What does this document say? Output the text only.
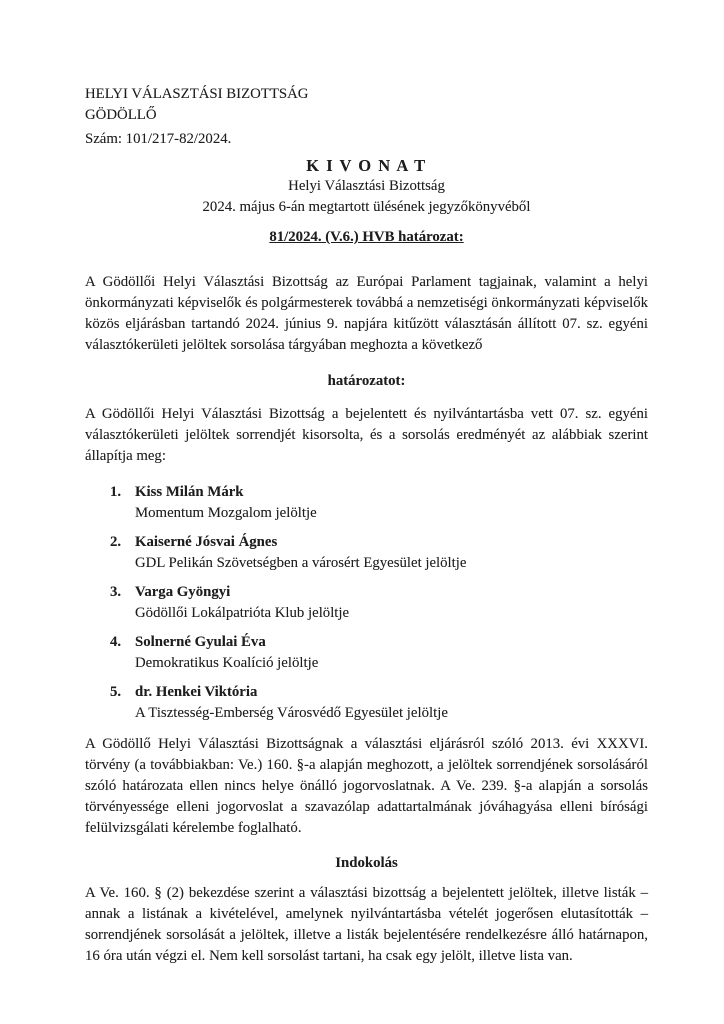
HELYI VÁLASZTÁSI BIZOTTSÁG
GÖDÖLLŐ
Szám: 101/217-82/2024.
K I V O N A T
Helyi Választási Bizottság
2024. május 6-án megtartott ülésének jegyzőkönyvéből
81/2024. (V.6.) HVB határozat:

A Gödöllői Helyi Választási Bizottság az Európai Parlament tagjainak, valamint a helyi önkormányzati képviselők és polgármesterek továbbá a nemzetiségi önkormányzati képviselők közös eljárásban tartandó 2024. június 9. napjára kitűzött választásán állított 07. sz. egyéni választókerületi jelöltek sorsolása tárgyában meghozta a következő

határozatot:

A Gödöllői Helyi Választási Bizottság a bejelentett és nyilvántartásba vett 07. sz. egyéni választókerületi jelöltek sorrendjét kisorsolta, és a sorsolás eredményét az alábbiak szerint állapítja meg:

1. Kiss Milán Márk
Momentum Mozgalom jelöltje
2. Kaiserné Jósvai Ágnes
GDL Pelikán Szövetségben a városért Egyesület jelöltje
3. Varga Gyöngyi
Gödöllői Lokálpatrióta Klub jelöltje
4. Solnerné Gyulai Éva
Demokratikus Koalíció jelöltje
5. dr. Henkei Viktória
A Tisztesség-Emberség Városvédő Egyesület jelöltje

A Gödöllő Helyi Választási Bizottságnak a választási eljárásról szóló 2013. évi XXXVI. törvény (a továbbiakban: Ve.) 160. §-a alapján meghozott, a jelöltek sorrendjének sorsolásáról szóló határozata ellen nincs helye önálló jogorvoslatnak. A Ve. 239. §-a alapján a sorsolás törvényessége elleni jogorvoslat a szavazólap adattartalmának jóváhagyása elleni bírósági felülvizsgálati kérelembe foglalható.

Indokolás

A Ve. 160. § (2) bekezdése szerint a választási bizottság a bejelentett jelöltek, illetve listák – annak a listának a kivételével, amelynek nyilvántartásba vételét jogerősen elutasították – sorrendjének sorsolását a jelöltek, illetve a listák bejelentésére rendelkezésre álló határnapon, 16 óra után végzi el. Nem kell sorsolást tartani, ha csak egy jelölt, illetve lista van.
